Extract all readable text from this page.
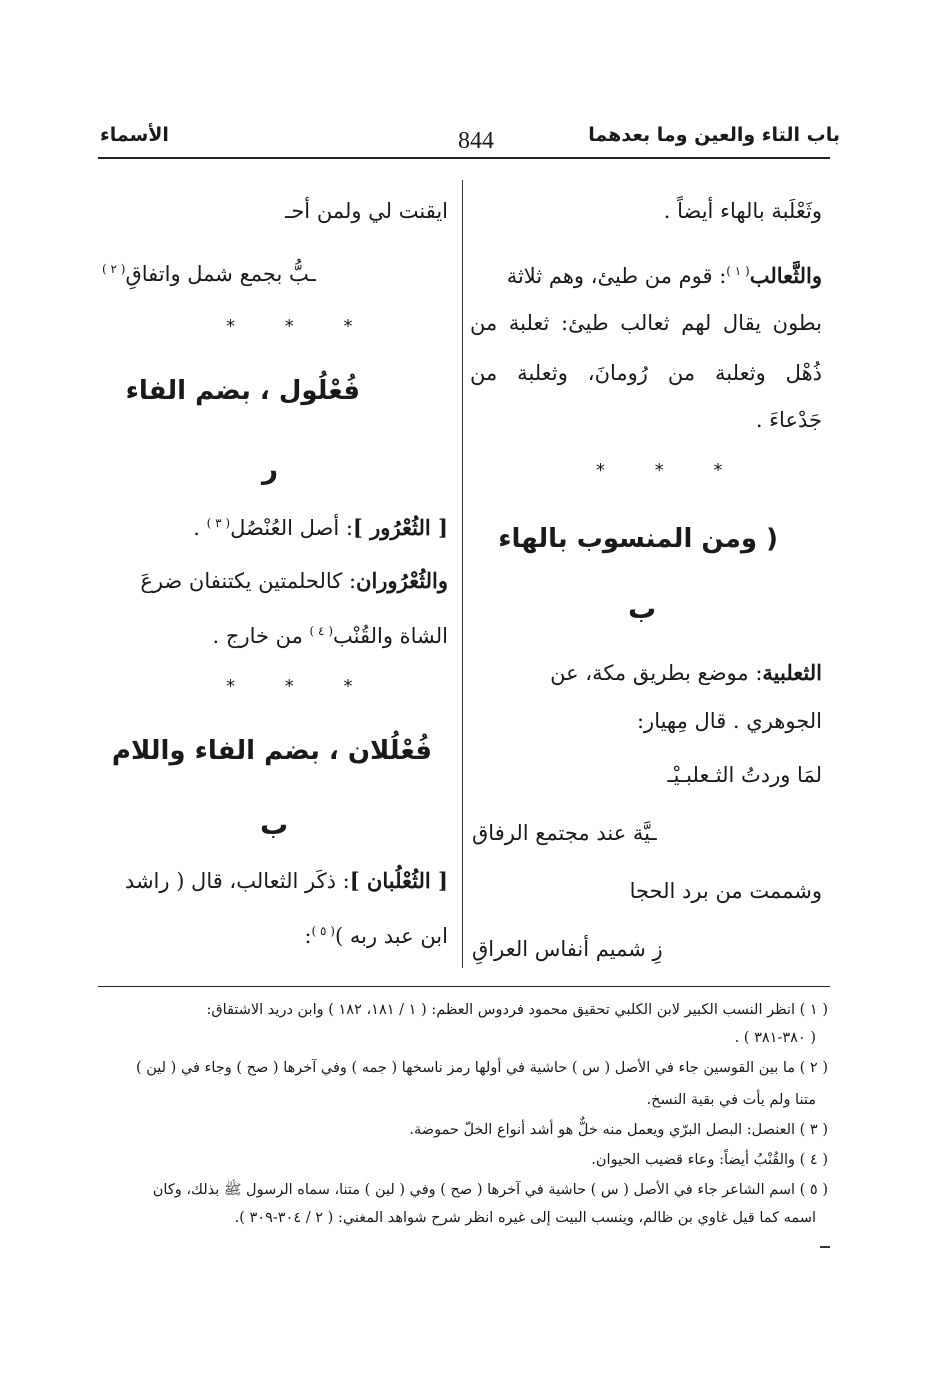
باب التاء والعين وما بعدهما
844
الأسماء
وثَعْلَبة بالهاء أيضاً .
والثَّعالب$^{( ١ )}$: قوم من طيئ، وهم ثلاثة
بطون يقال لهم ثعالب طيئ: ثعلبة من
ذُهْل وثعلبة من رُومانَ، وثعلبة من
جَدْعاءَ .
* * *
( ومن المنسوب بالهاء
ب
الثعلبية: موضع بطريق مكة، عن
الجوهري . قال مِهيار:
لمَا وردتُ الثـعلبـيْـ
ـيَّة عند مجتمع الرفاق
وشممت من برد الحجا
زِ شميم أنفاس العراقِ
ايقنت لي ولمن أحـ
ـبُّ بجمع شمل واتفاقِ$^{( ٢ )}$
* * *
فُعْلُول ، بضم الفاء
ر
[ الثُعْرُور ]: أصل العُنْصُل$^{( ٣ )}$ .
والثُعْرُوران: كالحلمتين يكتنفان ضرعَ
الشاة والقُنْب$^{( ٤ )}$ من خارج .
* * *
فُعْلُلان ، بضم الفاء واللام
ب
[ الثُعْلُبان ]: ذكَر الثعالب، قال ( راشد
ابن عبد ربه )$^{( ٥ )}$:
( ١ ) انظر النسب الكبير لابن الكلبي تحقيق محمود فردوس العظم: ( ١ / ١٨١، ١٨٢ ) وابن دريد الاشتقاق:
( ٣٨٠-٣٨١ ) .
( ٢ ) ما بين القوسين جاء في الأصل ( س ) حاشية في أولها رمز ناسخها ( جمه ) وفي آخرها ( صح ) وجاء في ( لين )
متنا ولم يأت في بقية النسخ.
( ٣ ) العنصل: البصل البرّي ويعمل منه خلٌّ هو أشد أنواع الخلّ حموضة.
( ٤ ) والقُنْبُ أيضاً: وعاء قضيب الحيوان.
( ٥ ) اسم الشاعر جاء في الأصل ( س ) حاشية في آخرها ( صح ) وفي ( لين ) متنا، سماه الرسول ﷺ بذلك، وكان
اسمه كما قيل غاوي بن ظالم، وينسب البيت إلى غيره انظر شرح شواهد المغني: ( ٢ / ٣٠٤-٣٠٩ ).
